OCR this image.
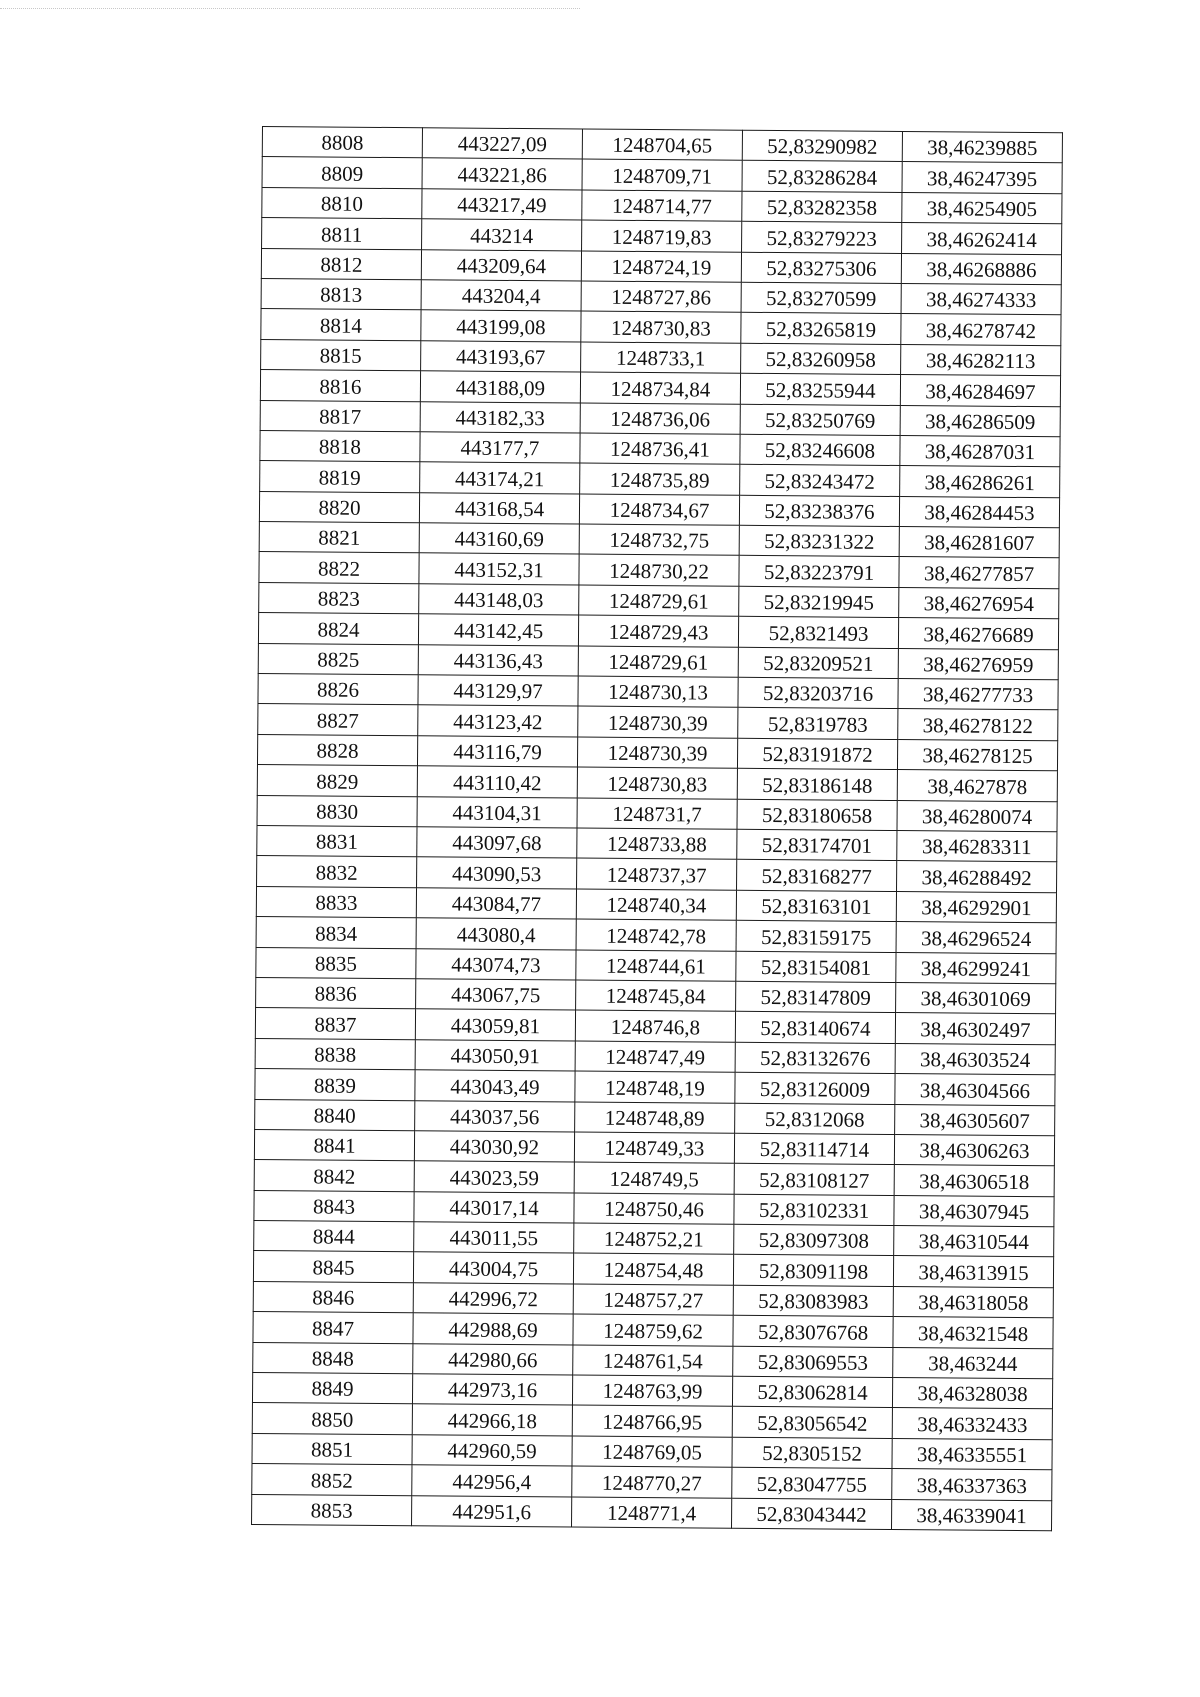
8808	443227,09	1248704,65	52,83290982	38,46239885
8809	443221,86	1248709,71	52,83286284	38,46247395
8810	443217,49	1248714,77	52,83282358	38,46254905
8811	443214	1248719,83	52,83279223	38,46262414
8812	443209,64	1248724,19	52,83275306	38,46268886
8813	443204,4	1248727,86	52,83270599	38,46274333
8814	443199,08	1248730,83	52,83265819	38,46278742
8815	443193,67	1248733,1	52,83260958	38,46282113
8816	443188,09	1248734,84	52,83255944	38,46284697
8817	443182,33	1248736,06	52,83250769	38,46286509
8818	443177,7	1248736,41	52,83246608	38,46287031
8819	443174,21	1248735,89	52,83243472	38,46286261
8820	443168,54	1248734,67	52,83238376	38,46284453
8821	443160,69	1248732,75	52,83231322	38,46281607
8822	443152,31	1248730,22	52,83223791	38,46277857
8823	443148,03	1248729,61	52,83219945	38,46276954
8824	443142,45	1248729,43	52,8321493	38,46276689
8825	443136,43	1248729,61	52,83209521	38,46276959
8826	443129,97	1248730,13	52,83203716	38,46277733
8827	443123,42	1248730,39	52,8319783	38,46278122
8828	443116,79	1248730,39	52,83191872	38,46278125
8829	443110,42	1248730,83	52,83186148	38,4627878
8830	443104,31	1248731,7	52,83180658	38,46280074
8831	443097,68	1248733,88	52,83174701	38,46283311
8832	443090,53	1248737,37	52,83168277	38,46288492
8833	443084,77	1248740,34	52,83163101	38,46292901
8834	443080,4	1248742,78	52,83159175	38,46296524
8835	443074,73	1248744,61	52,83154081	38,46299241
8836	443067,75	1248745,84	52,83147809	38,46301069
8837	443059,81	1248746,8	52,83140674	38,46302497
8838	443050,91	1248747,49	52,83132676	38,46303524
8839	443043,49	1248748,19	52,83126009	38,46304566
8840	443037,56	1248748,89	52,8312068	38,46305607
8841	443030,92	1248749,33	52,83114714	38,46306263
8842	443023,59	1248749,5	52,83108127	38,46306518
8843	443017,14	1248750,46	52,83102331	38,46307945
8844	443011,55	1248752,21	52,83097308	38,46310544
8845	443004,75	1248754,48	52,83091198	38,46313915
8846	442996,72	1248757,27	52,83083983	38,46318058
8847	442988,69	1248759,62	52,83076768	38,46321548
8848	442980,66	1248761,54	52,83069553	38,463244
8849	442973,16	1248763,99	52,83062814	38,46328038
8850	442966,18	1248766,95	52,83056542	38,46332433
8851	442960,59	1248769,05	52,8305152	38,46335551
8852	442956,4	1248770,27	52,83047755	38,46337363
8853	442951,6	1248771,4	52,83043442	38,46339041
